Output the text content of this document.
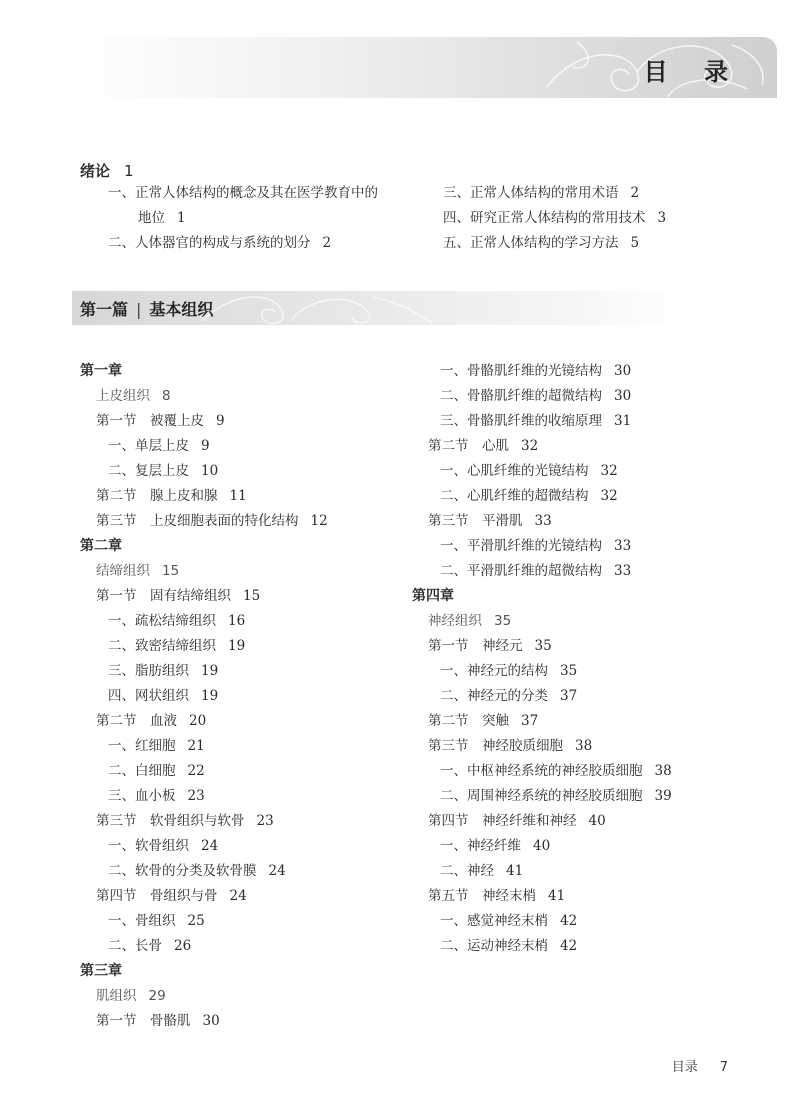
目 录
绪论 1
一、正常人体结构的概念及其在医学教育中的
地位 1
二、人体器官的构成与系统的划分 2
三、正常人体结构的常用术语 2
四、研究正常人体结构的常用技术 3
五、正常人体结构的学习方法 5
第一篇 | 基本组织
第一章
上皮组织 8
第一节　被覆上皮 9
一、单层上皮 9
二、复层上皮 10
第二节　腺上皮和腺 11
第三节　上皮细胞表面的特化结构 12
第二章
结缔组织 15
第一节　固有结缔组织 15
一、疏松结缔组织 16
二、致密结缔组织 19
三、脂肪组织 19
四、网状组织 19
第二节　血液 20
一、红细胞 21
二、白细胞 22
三、血小板 23
第三节　软骨组织与软骨 23
一、软骨组织 24
二、软骨的分类及软骨膜 24
第四节　骨组织与骨 24
一、骨组织 25
二、长骨 26
第三章
肌组织 29
第一节　骨骼肌 30
一、骨骼肌纤维的光镜结构 30
二、骨骼肌纤维的超微结构 30
三、骨骼肌纤维的收缩原理 31
第二节　心肌 32
一、心肌纤维的光镜结构 32
二、心肌纤维的超微结构 32
第三节　平滑肌 33
一、平滑肌纤维的光镜结构 33
二、平滑肌纤维的超微结构 33
第四章
神经组织 35
第一节　神经元 35
一、神经元的结构 35
二、神经元的分类 37
第二节　突触 37
第三节　神经胶质细胞 38
一、中枢神经系统的神经胶质细胞 38
二、周围神经系统的神经胶质细胞 39
第四节　神经纤维和神经 40
一、神经纤维 40
二、神经 41
第五节　神经末梢 41
一、感觉神经末梢 42
二、运动神经末梢 42
目录 7
